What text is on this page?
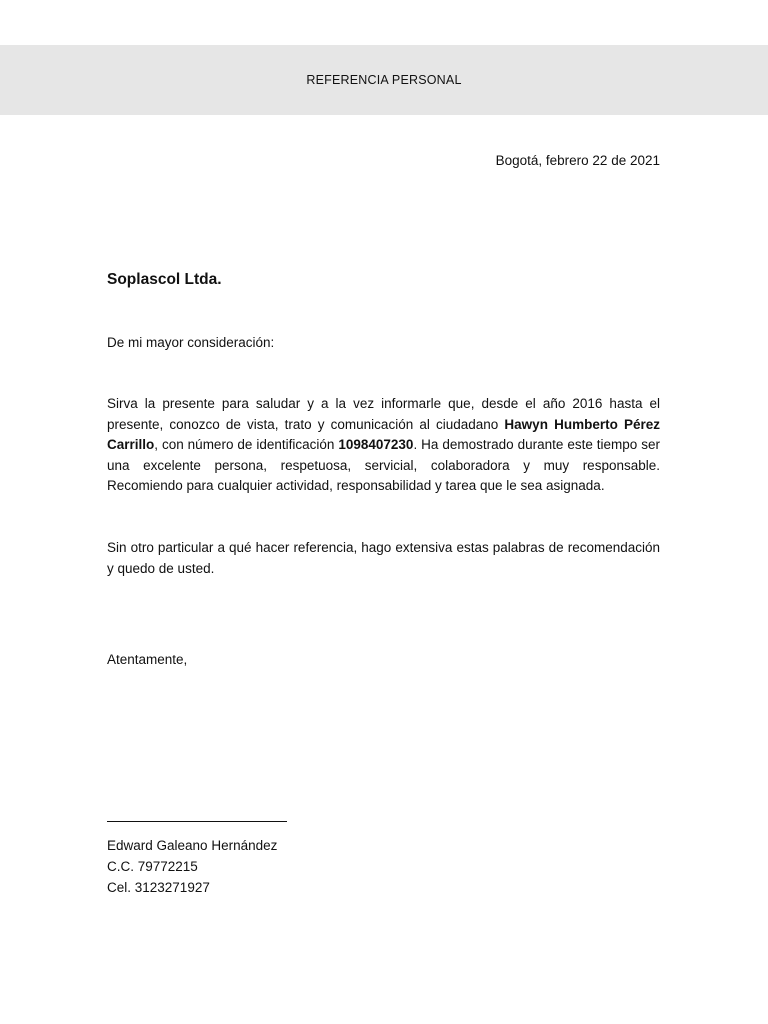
REFERENCIA PERSONAL
Bogotá, febrero 22 de 2021
Soplascol Ltda.
De mi mayor consideración:
Sirva la presente para saludar y a la vez informarle que, desde el año 2016 hasta el presente, conozco de vista, trato y comunicación al ciudadano Hawyn Humberto Pérez Carrillo, con número de identificación 1098407230. Ha demostrado durante este tiempo ser una excelente persona, respetuosa, servicial, colaboradora y muy responsable. Recomiendo para cualquier actividad, responsabilidad y tarea que le sea asignada.
Sin otro particular a qué hacer referencia, hago extensiva estas palabras de recomendación y quedo de usted.
Atentamente,
Edward Galeano Hernández
C.C. 79772215
Cel. 3123271927
